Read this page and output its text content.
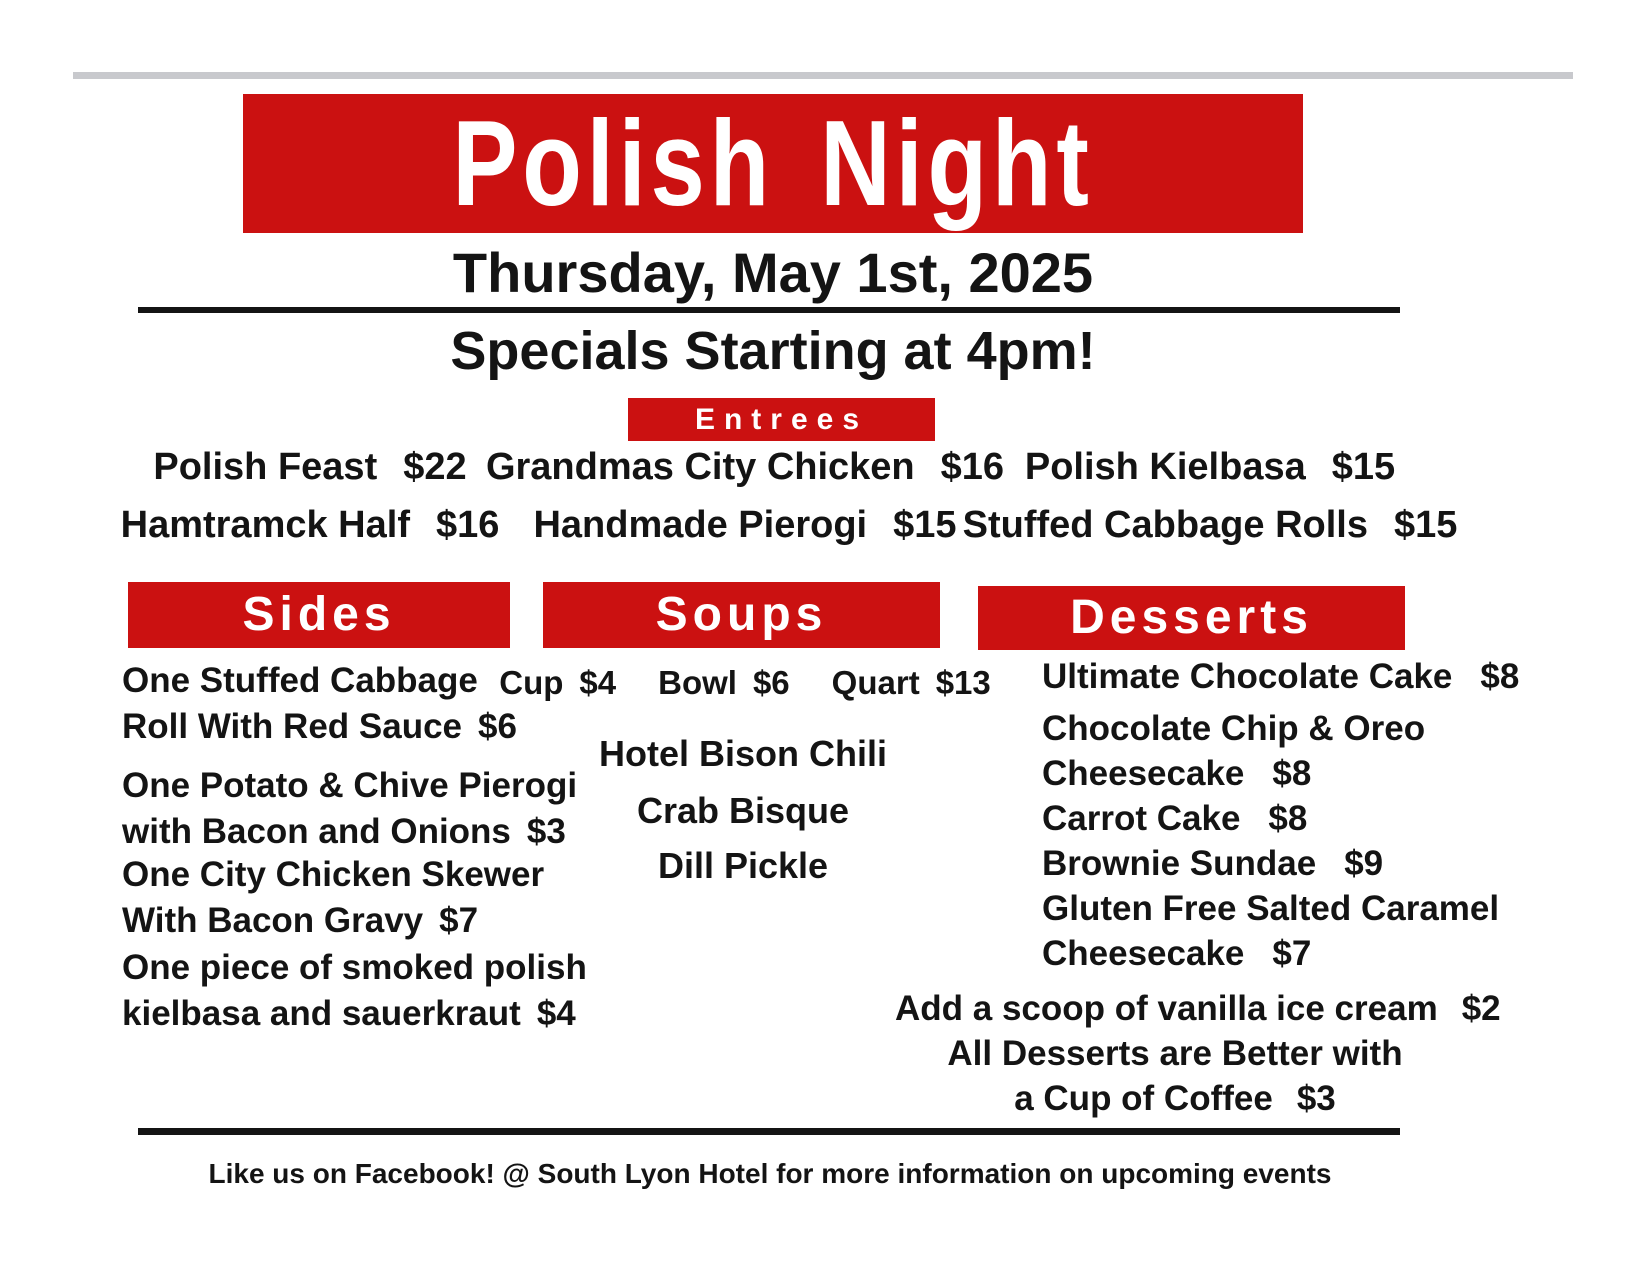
Polish Night
Thursday, May 1st, 2025
Specials Starting at 4pm!
Entrees
Polish Feast $22 Grandmas City Chicken $16 Polish Kielbasa $15
Hamtramck Half $16 Handmade Pierogi $15 Stuffed Cabbage Rolls $15
Sides	Soups	Desserts
One Stuffed Cabbage
Roll With Red Sauce $6
One Potato & Chive Pierogi
with Bacon and Onions $3
One City Chicken Skewer
With Bacon Gravy $7
One piece of smoked polish
kielbasa and sauerkraut $4
Cup $4 Bowl $6 Quart $13
Hotel Bison Chili
Crab Bisque
Dill Pickle
Ultimate Chocolate Cake $8
Chocolate Chip & Oreo
Cheesecake $8
Carrot Cake $8
Brownie Sundae $9
Gluten Free Salted Caramel
Cheesecake $7
Add a scoop of vanilla ice cream $2
All Desserts are Better with
a Cup of Coffee $3
Like us on Facebook! @ South Lyon Hotel for more information on upcoming events
